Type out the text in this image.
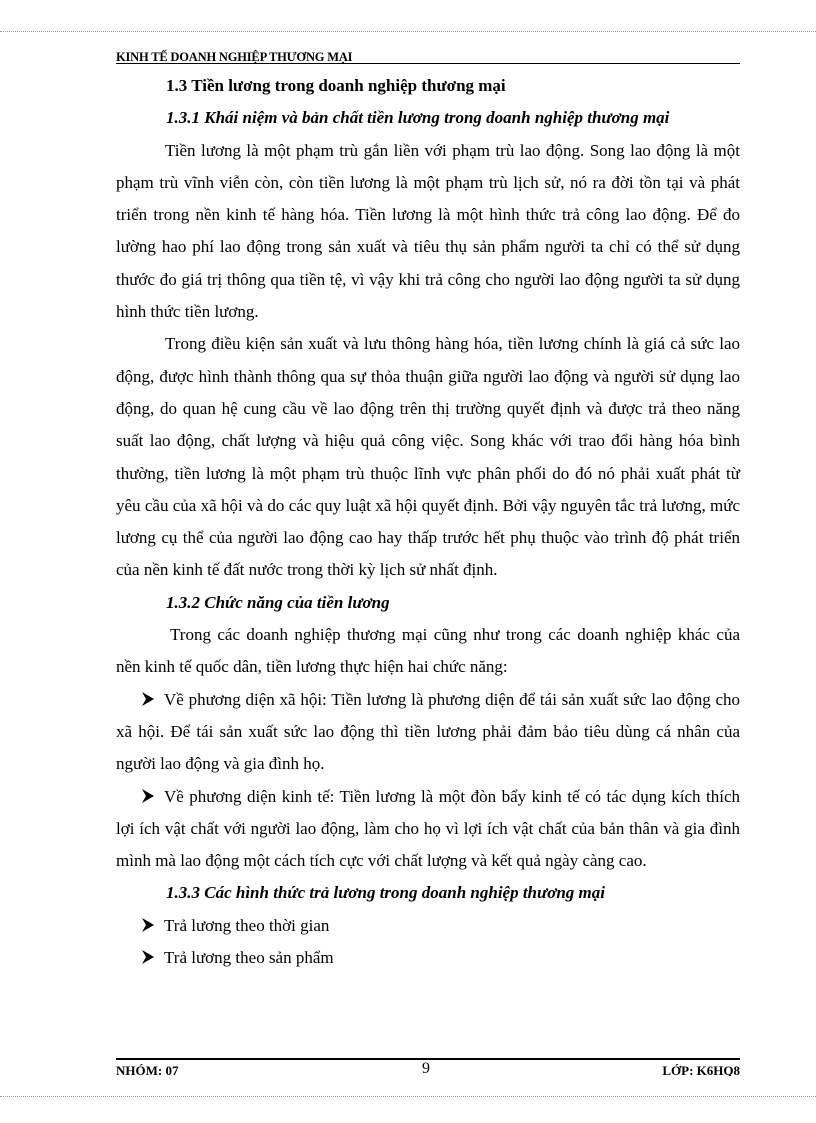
KINH TẾ DOANH NGHIỆP THƯƠNG MẠI

1.3 Tiền lương trong doanh nghiệp thương mại

1.3.1 Khái niệm và bản chất tiền lương trong doanh nghiệp thương mại

Tiền lương là một phạm trù gắn liền với phạm trù lao động. Song lao động là một phạm trù vĩnh viễn còn, còn tiền lương là một phạm trù lịch sử, nó ra đời tồn tại và phát triển trong nền kinh tế hàng hóa. Tiền lương là một hình thức trả công lao động. Để đo lường hao phí lao động trong sản xuất và tiêu thụ sản phẩm người ta chỉ có thể sử dụng thước đo giá trị thông qua tiền tệ, vì vậy khi trả công cho người lao động người ta sử dụng hình thức tiền lương.

Trong điều kiện sản xuất và lưu thông hàng hóa, tiền lương chính là giá cả sức lao động, được hình thành thông qua sự thỏa thuận giữa người lao động và người sử dụng lao động, do quan hệ cung cầu về lao động trên thị trường quyết định và được trả theo năng suất lao động, chất lượng và hiệu quả công việc. Song khác với trao đổi hàng hóa bình thường, tiền lương là một phạm trù thuộc lĩnh vực phân phối do đó nó phải xuất phát từ yêu cầu của xã hội và do các quy luật xã hội quyết định. Bởi vậy nguyên tắc trả lương, mức lương cụ thể của người lao động cao hay thấp trước hết phụ thuộc vào trình độ phát triển của nền kinh tế đất nước trong thời kỳ lịch sử nhất định.

1.3.2 Chức năng của tiền lương

Trong các doanh nghiệp thương mại cũng như trong các doanh nghiệp khác của nền kinh tế quốc dân, tiền lương thực hiện hai chức năng:

Về phương diện xã hội: Tiền lương là phương diện để tái sản xuất sức lao động cho xã hội. Để tái sản xuất sức lao động thì tiền lương phải đảm bảo tiêu dùng cá nhân của người lao động và gia đình họ.

Về phương diện kinh tế: Tiền lương là một đòn bẩy kinh tế có tác dụng kích thích lợi ích vật chất với người lao động, làm cho họ vì lợi ích vật chất của bản thân và gia đình mình mà lao động một cách tích cực với chất lượng và kết quả ngày càng cao.

1.3.3 Các hình thức trả lương trong doanh nghiệp thương mại

Trả lương theo thời gian

Trả lương theo sản phẩm

NHÓM: 07	9	LỚP: K6HQ8
